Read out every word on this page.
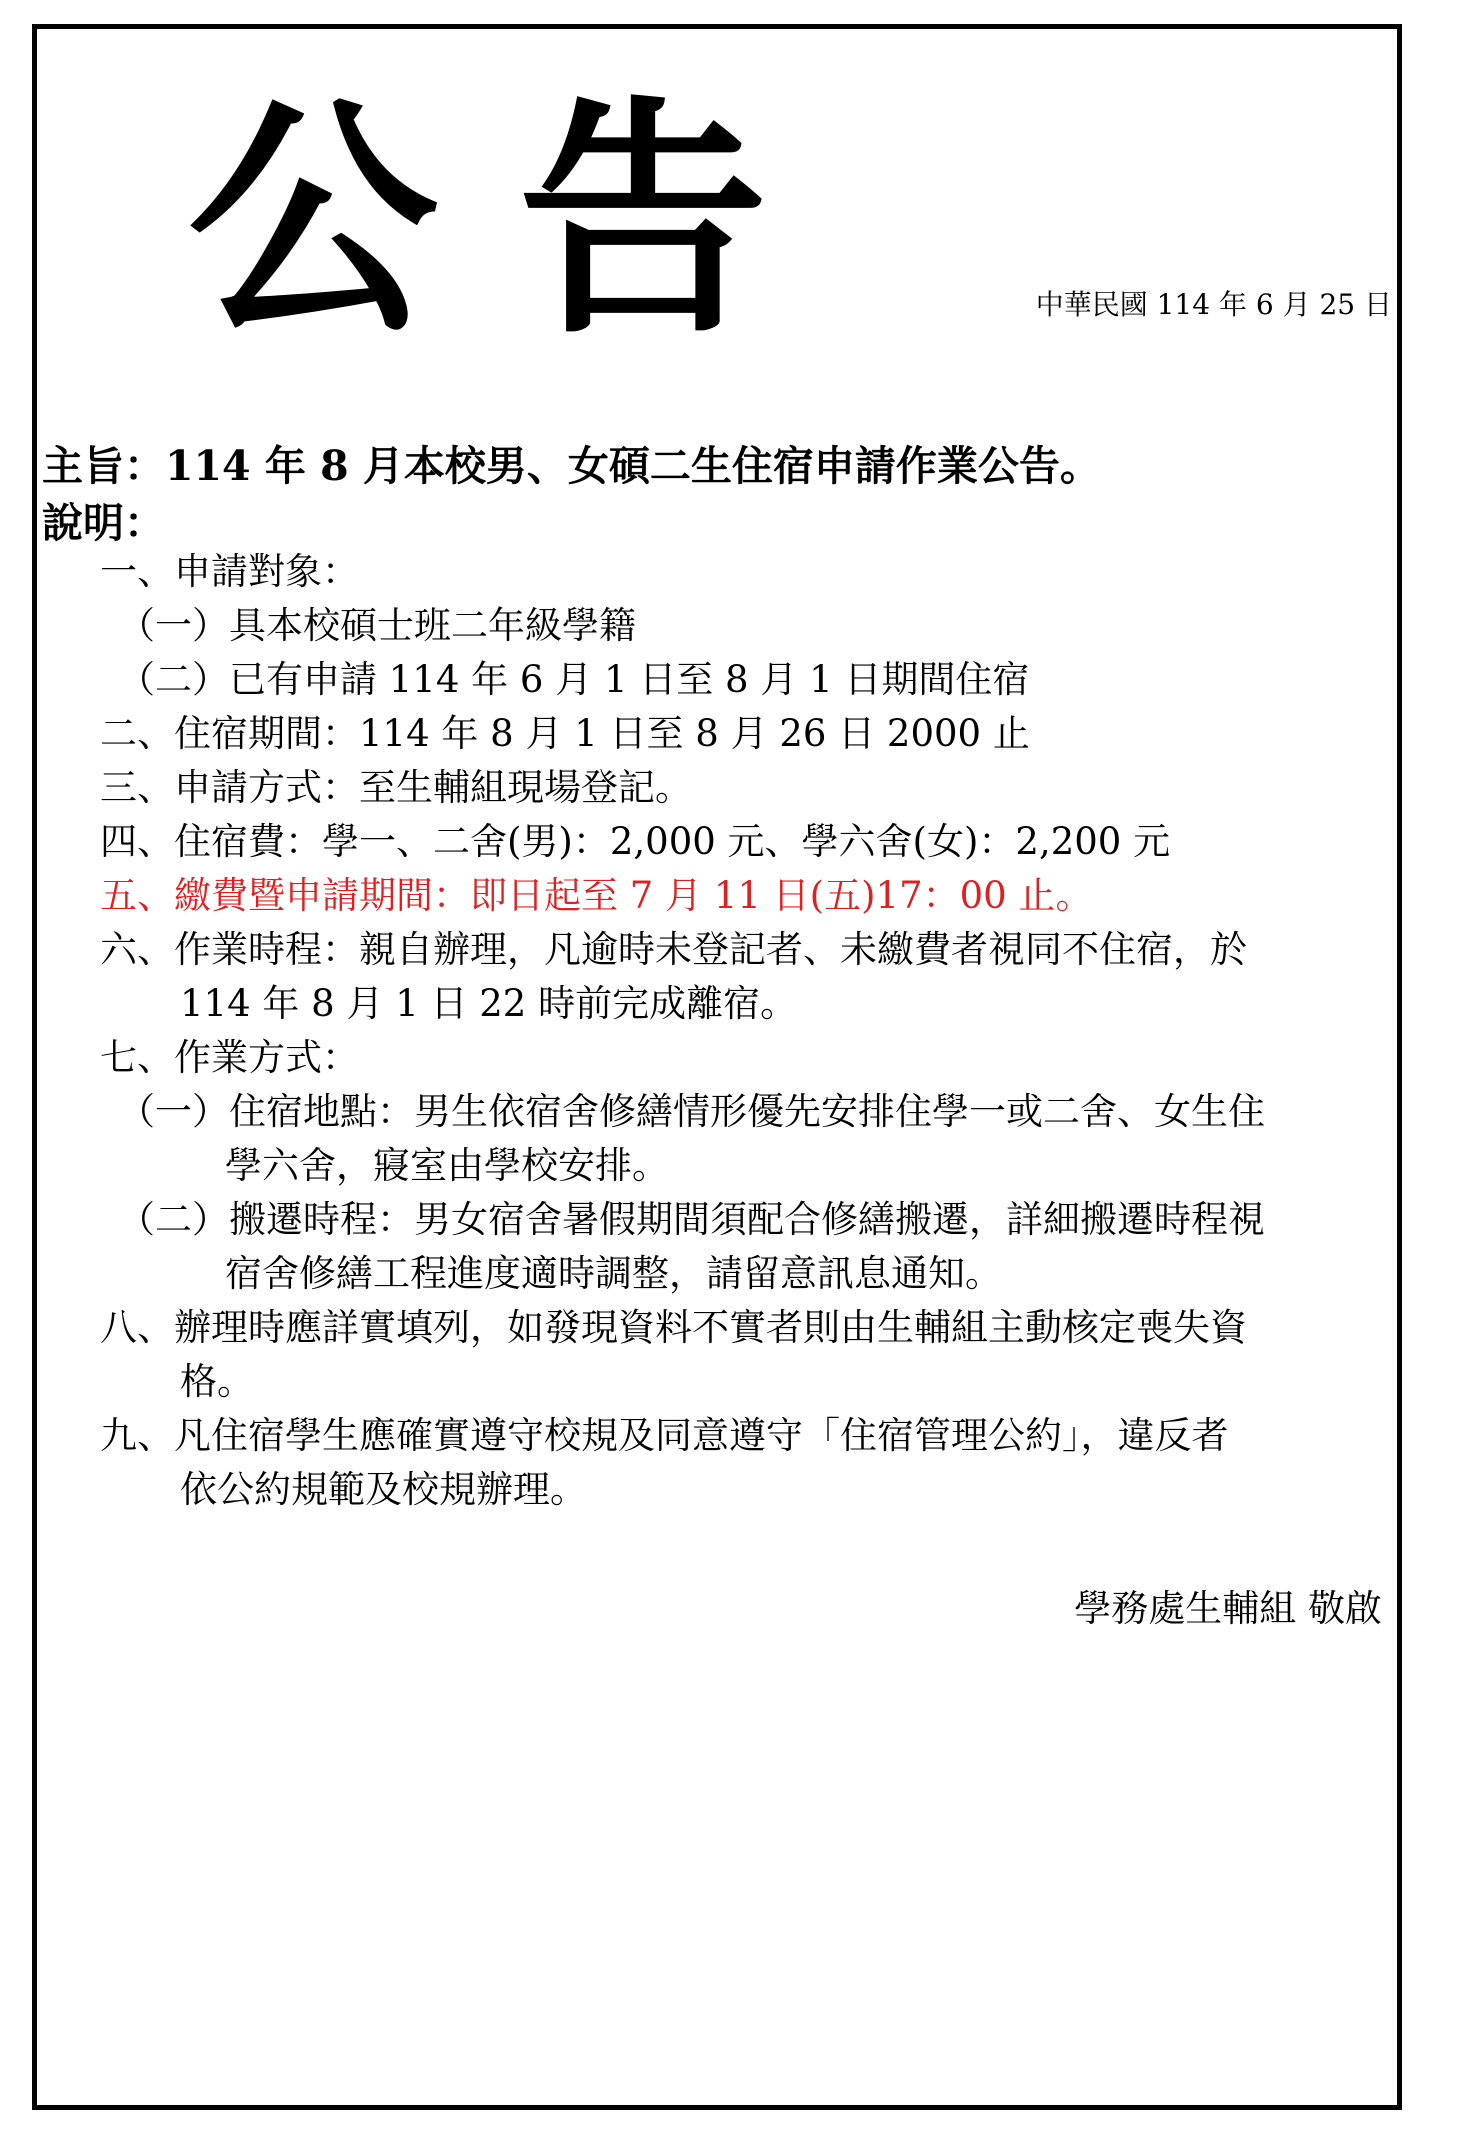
公 告	中華民國 114 年 6 月 25 日
主旨：114 年 8 月本校男、女碩二生住宿申請作業公告。
說明：
一、申請對象：
（一）具本校碩士班二年級學籍
（二）已有申請 114 年 6 月 1 日至 8 月 1 日期間住宿
二、住宿期間：114 年 8 月 1 日至 8 月 26 日 2000 止
三、申請方式：至生輔組現場登記。
四、住宿費：學一、二舍(男)：2,000 元、學六舍(女)：2,200 元
五、繳費暨申請期間：即日起至 7 月 11 日(五)17：00 止。
六、作業時程：親自辦理，凡逾時未登記者、未繳費者視同不住宿，於
114 年 8 月 1 日 22 時前完成離宿。
七、作業方式：
（一）住宿地點：男生依宿舍修繕情形優先安排住學一或二舍、女生住
學六舍，寢室由學校安排。
（二）搬遷時程：男女宿舍暑假期間須配合修繕搬遷，詳細搬遷時程視
宿舍修繕工程進度適時調整，請留意訊息通知。
八、辦理時應詳實填列，如發現資料不實者則由生輔組主動核定喪失資
格。
九、凡住宿學生應確實遵守校規及同意遵守「住宿管理公約」，違反者
依公約規範及校規辦理。
學務處生輔組 敬啟
